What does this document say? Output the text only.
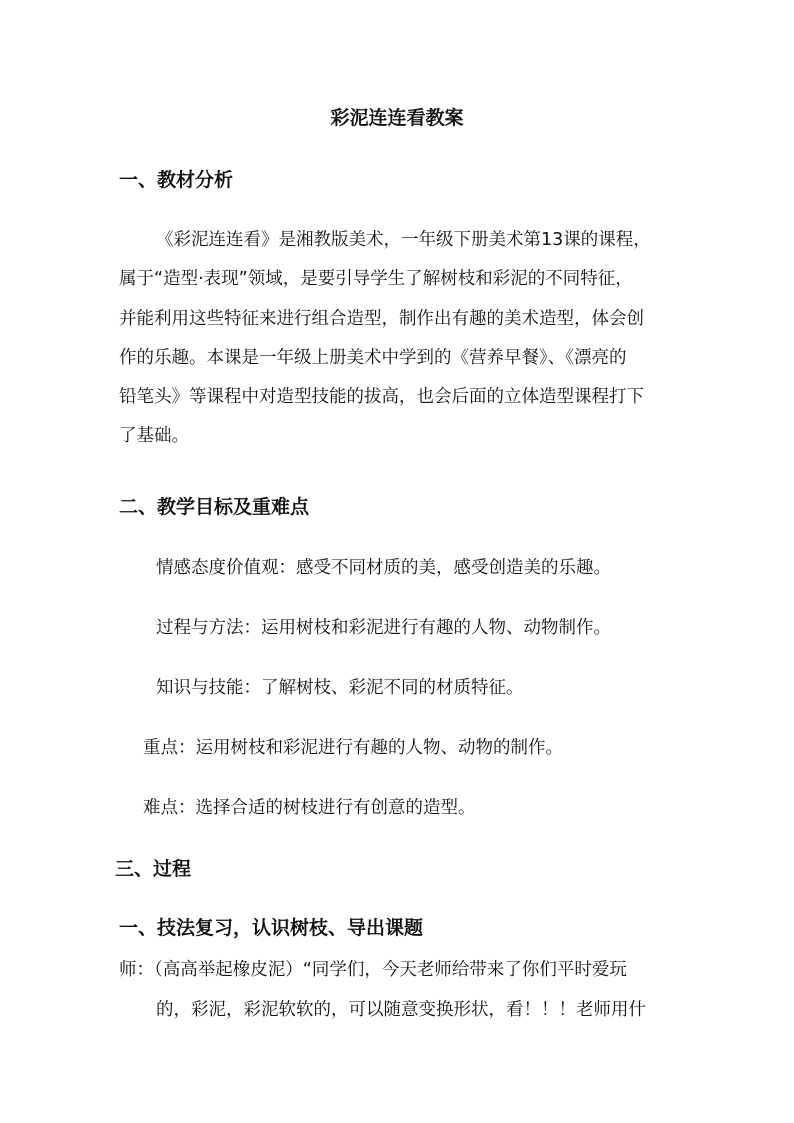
彩泥连连看教案
一、教材分析
《彩泥连连看》是湘教版美术，一年级下册美术第13课的课程，
属于“造型·表现”领域，是要引导学生了解树枝和彩泥的不同特征，
并能利用这些特征来进行组合造型，制作出有趣的美术造型，体会创
作的乐趣。本课是一年级上册美术中学到的《营养早餐》、《漂亮的
铅笔头》等课程中对造型技能的拔高，也会后面的立体造型课程打下
了基础。
二、教学目标及重难点
情感态度价值观：感受不同材质的美，感受创造美的乐趣。
过程与方法：运用树枝和彩泥进行有趣的人物、动物制作。
知识与技能：了解树枝、彩泥不同的材质特征。
重点：运用树枝和彩泥进行有趣的人物、动物的制作。
难点：选择合适的树枝进行有创意的造型。
三、过程
一、技法复习，认识树枝、导出课题
师：（高高举起橡皮泥）“同学们，今天老师给带来了你们平时爱玩
的，彩泥，彩泥软软的，可以随意变换形状，看！！！老师用什
